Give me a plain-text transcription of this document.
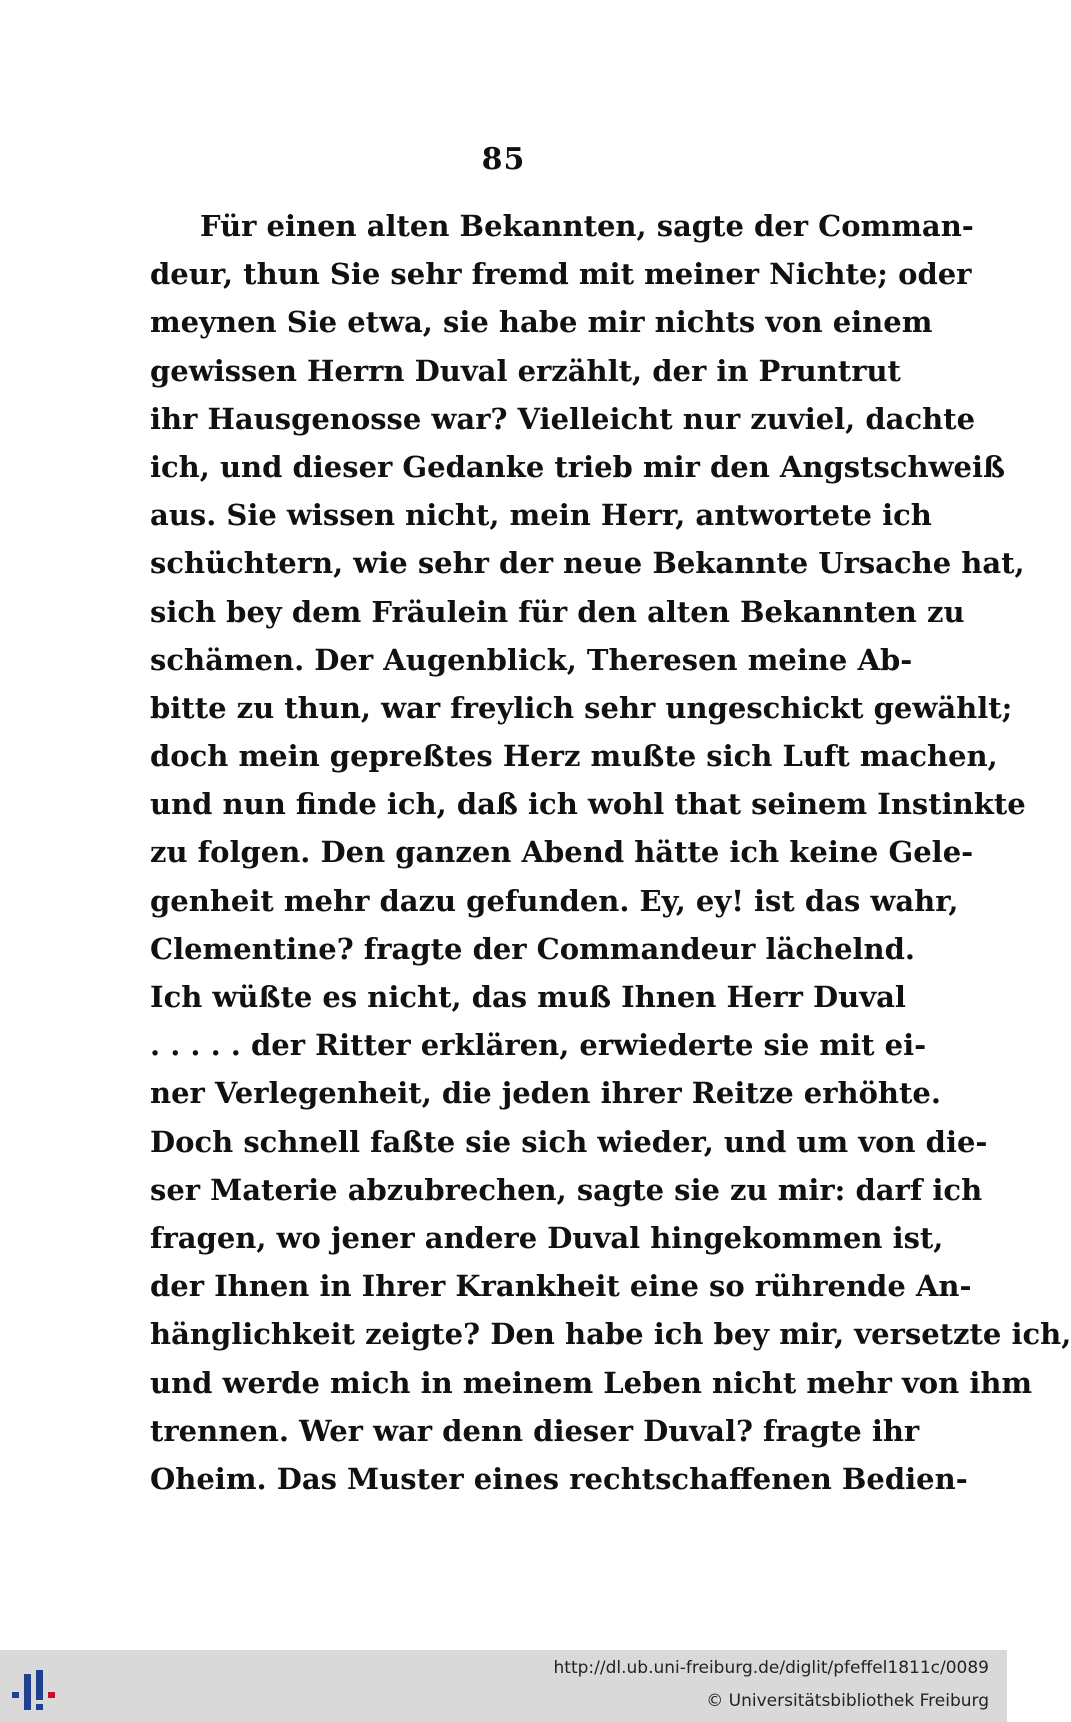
85
Für einen alten Bekannten, sagte der Comman-
deur, thun Sie sehr fremd mit meiner Nichte; oder
meynen Sie etwa, sie habe mir nichts von einem
gewissen Herrn Duval erzählt, der in Pruntrut
ihr Hausgenosse war? Vielleicht nur zuviel, dachte
ich, und dieser Gedanke trieb mir den Angstschweiß
aus. Sie wissen nicht, mein Herr, antwortete ich
schüchtern, wie sehr der neue Bekannte Ursache hat,
sich bey dem Fräulein für den alten Bekannten zu
schämen. Der Augenblick, Theresen meine Ab-
bitte zu thun, war freylich sehr ungeschickt gewählt;
doch mein gepreßtes Herz mußte sich Luft machen,
und nun finde ich, daß ich wohl that seinem Instinkte
zu folgen. Den ganzen Abend hätte ich keine Gele-
genheit mehr dazu gefunden. Ey, ey! ist das wahr,
Clementine? fragte der Commandeur lächelnd.
Ich wüßte es nicht, das muß Ihnen Herr Duval
. . . . . der Ritter erklären, erwiederte sie mit ei-
ner Verlegenheit, die jeden ihrer Reitze erhöhte.
Doch schnell faßte sie sich wieder, und um von die-
ser Materie abzubrechen, sagte sie zu mir: darf ich
fragen, wo jener andere Duval hingekommen ist,
der Ihnen in Ihrer Krankheit eine so rührende An-
hänglichkeit zeigte? Den habe ich bey mir, versetzte ich,
und werde mich in meinem Leben nicht mehr von ihm
trennen. Wer war denn dieser Duval? fragte ihr
Oheim. Das Muster eines rechtschaffenen Bedien-
http://dl.ub.uni-freiburg.de/diglit/pfeffel1811c/0089
© Universitätsbibliothek Freiburg
